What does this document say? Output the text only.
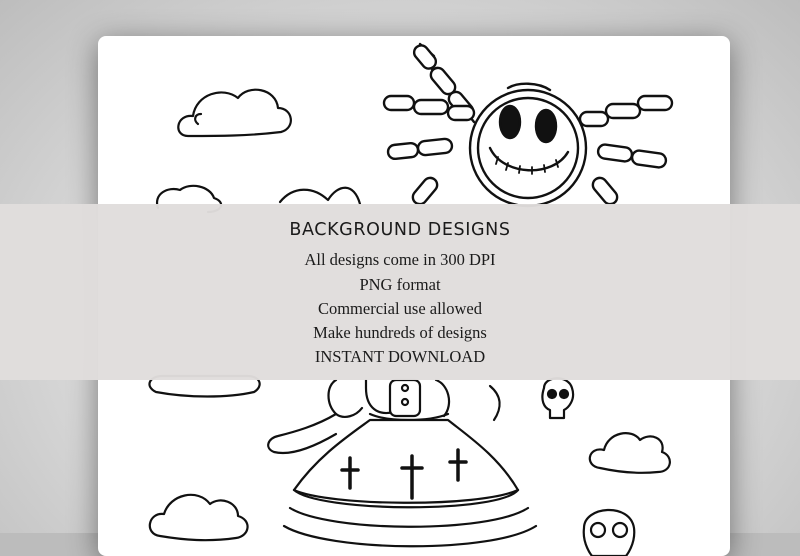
BACKGROUND DESIGNS
All designs come in 300 DPI
PNG format
Commercial use allowed
Make hundreds of designs
INSTANT DOWNLOAD
